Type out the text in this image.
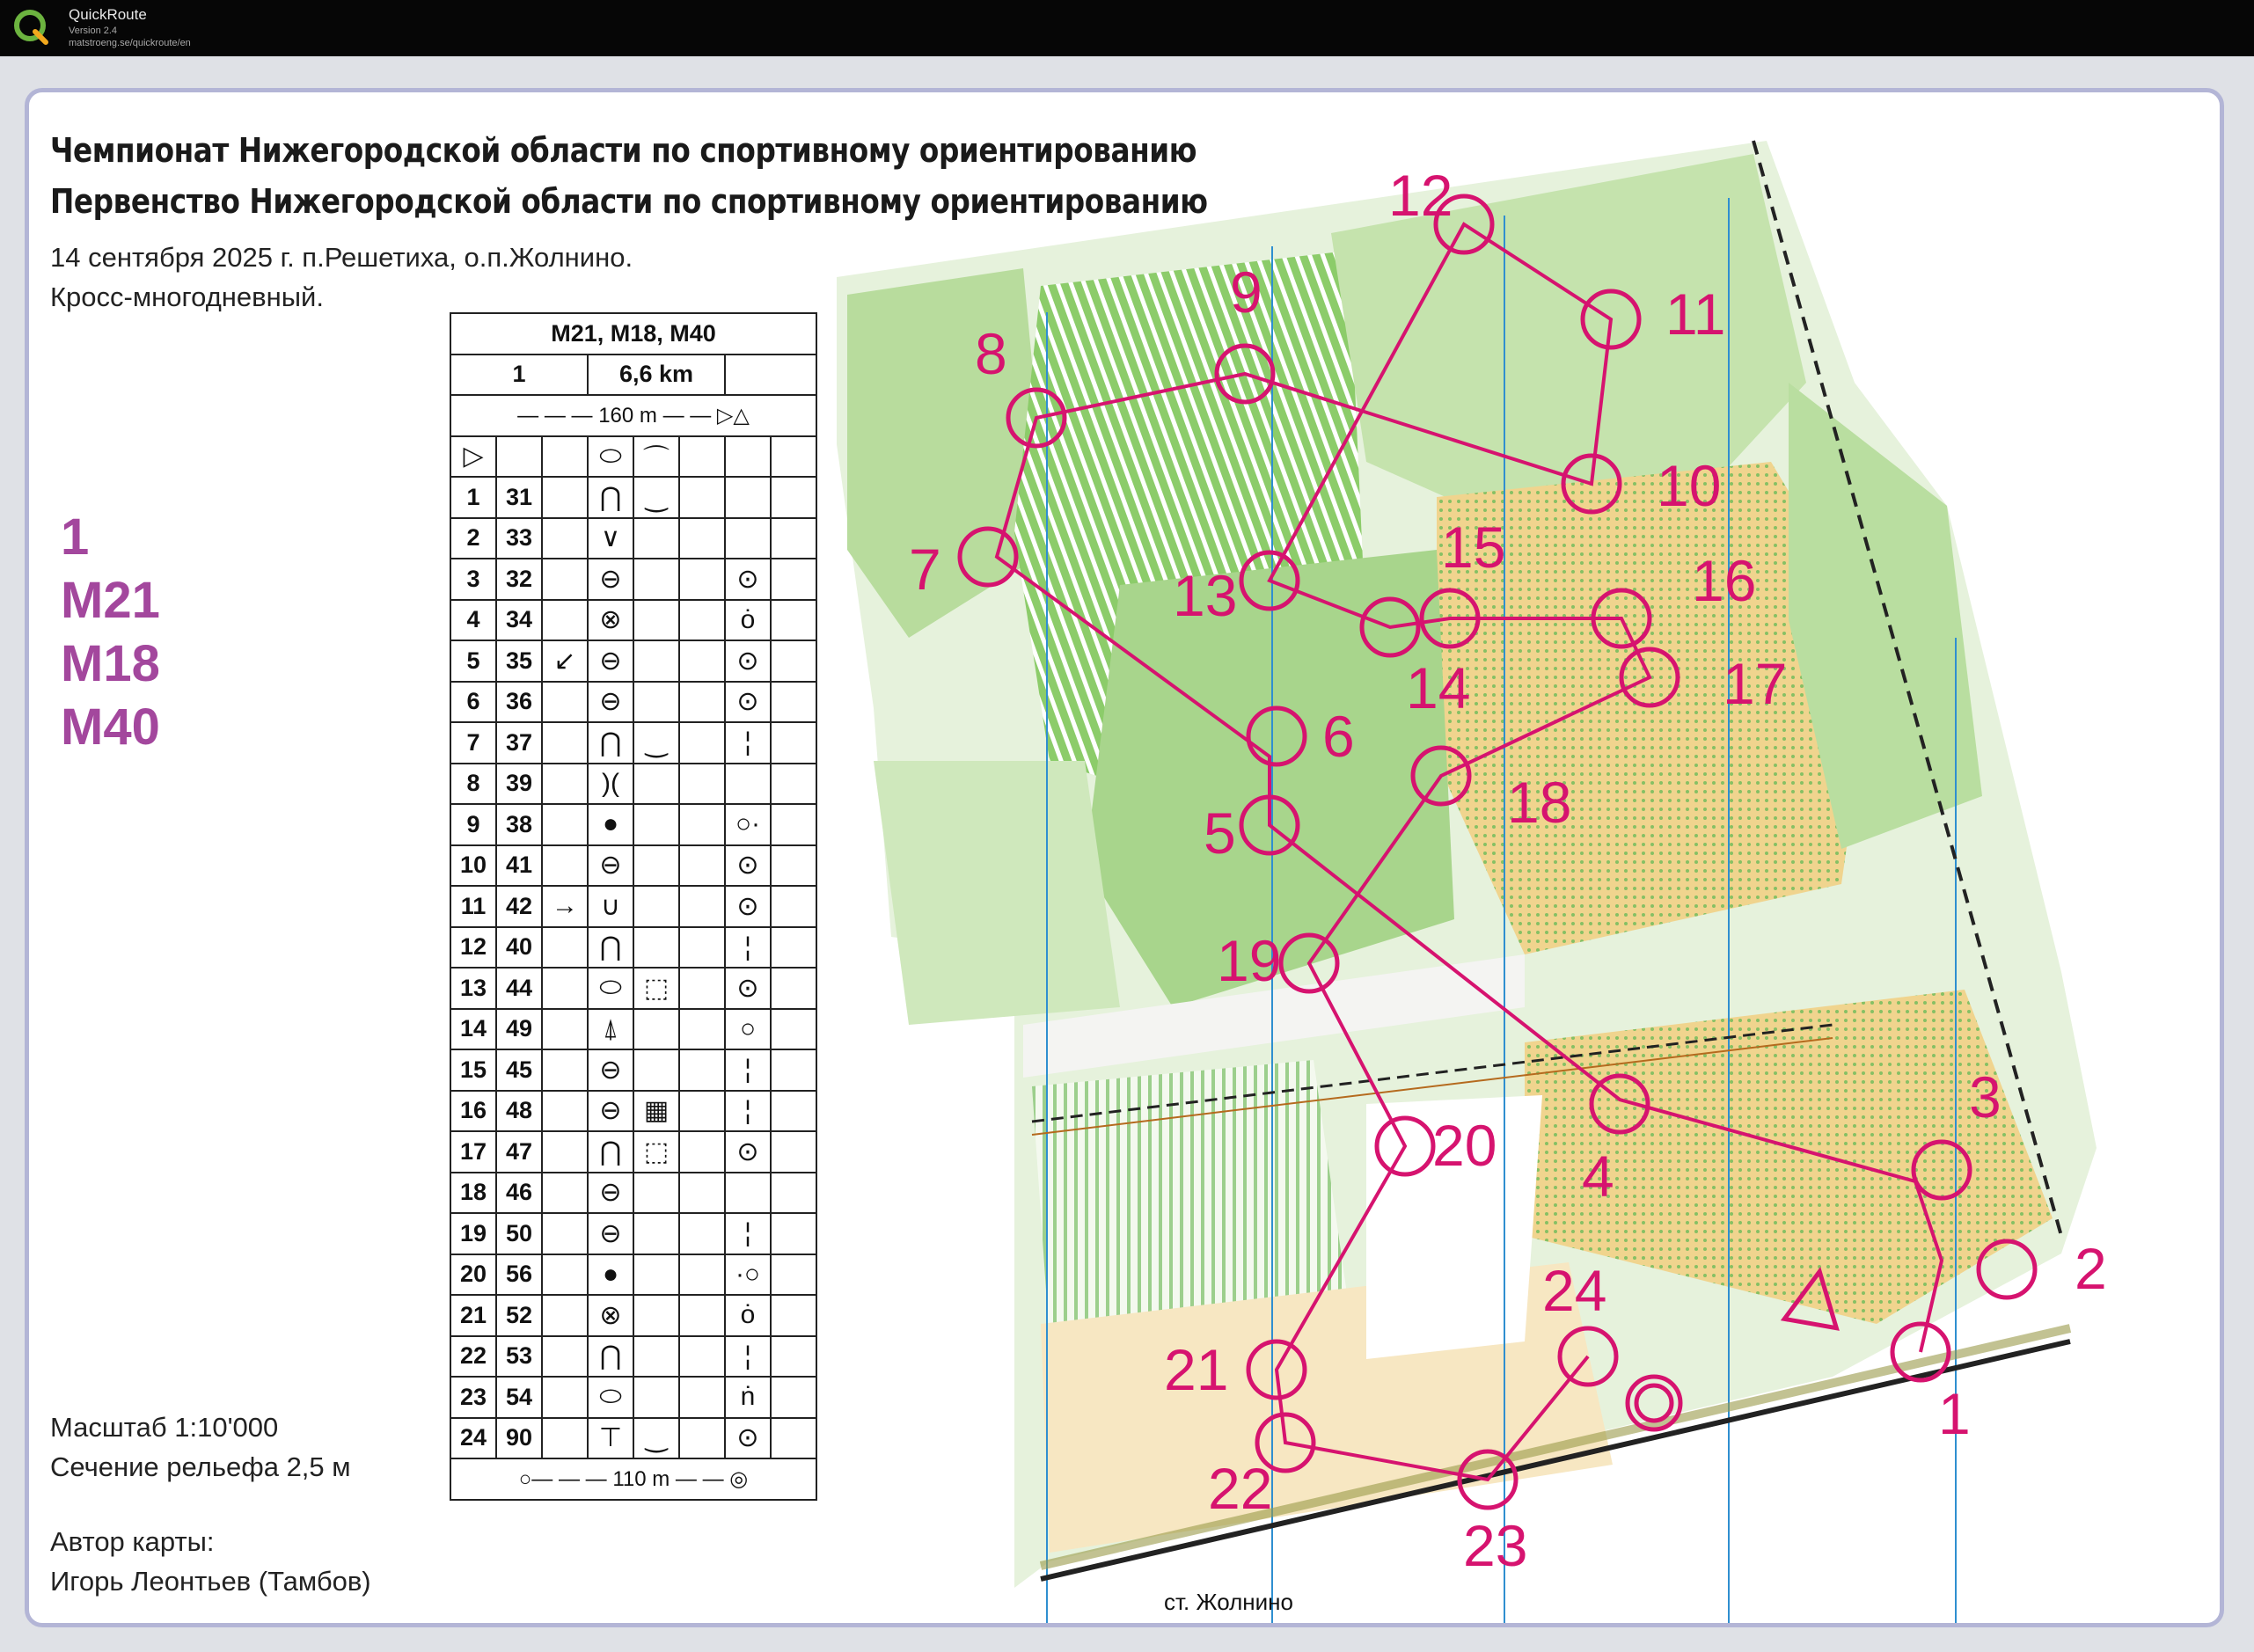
QuickRoute
Version 2.4
matstroeng.se/quickroute/en
1
2
3
4
5
6
7
8
9
10
11
12
13
14
15
16
17
18
19
20
21
22
23
24
ст. Жолнино
Чемпионат Нижегородской области по спортивному ориентированию
Первенство Нижегородской области по спортивному ориентированию
14 сентября 2025 г. п.Решетиха, о.п.Жолнино.
Кросс-многодневный.
1
M21
M18
M40
Масштаб 1:10'000
Сечение рельефа 2,5 м
Автор карты:
Игорь Леонтьев (Тамбов)
M21, M18, M40							
1			6,6 km				
— — — 160 m — — ▷△							
▷			⬭	⌒			
1	31		⋂	‿			
2	33		∨				
3	32		⊖			⊙	
4	34		⊗			ȯ	
5	35	↙	⊖			⊙	
6	36		⊖			⊙	
7	37		⋂	‿		¦	
8	39		)(				
9	38		●			○·	
10	41		⊖			⊙	
11	42	→	∪			⊙	
12	40		⋂			¦	
13	44		⬭	⬚		⊙	
14	49		⍋			○	
15	45		⊖			¦	
16	48		⊖	▦		¦	
17	47		⋂	⬚		⊙	
18	46		⊖				
19	50		⊖			¦	
20	56		●			·○	
21	52		⊗			ȯ	
22	53		⋂			¦	
23	54		⬭			ṅ	
24	90		⊤	‿		⊙	
○— — — 110 m — — ◎							
